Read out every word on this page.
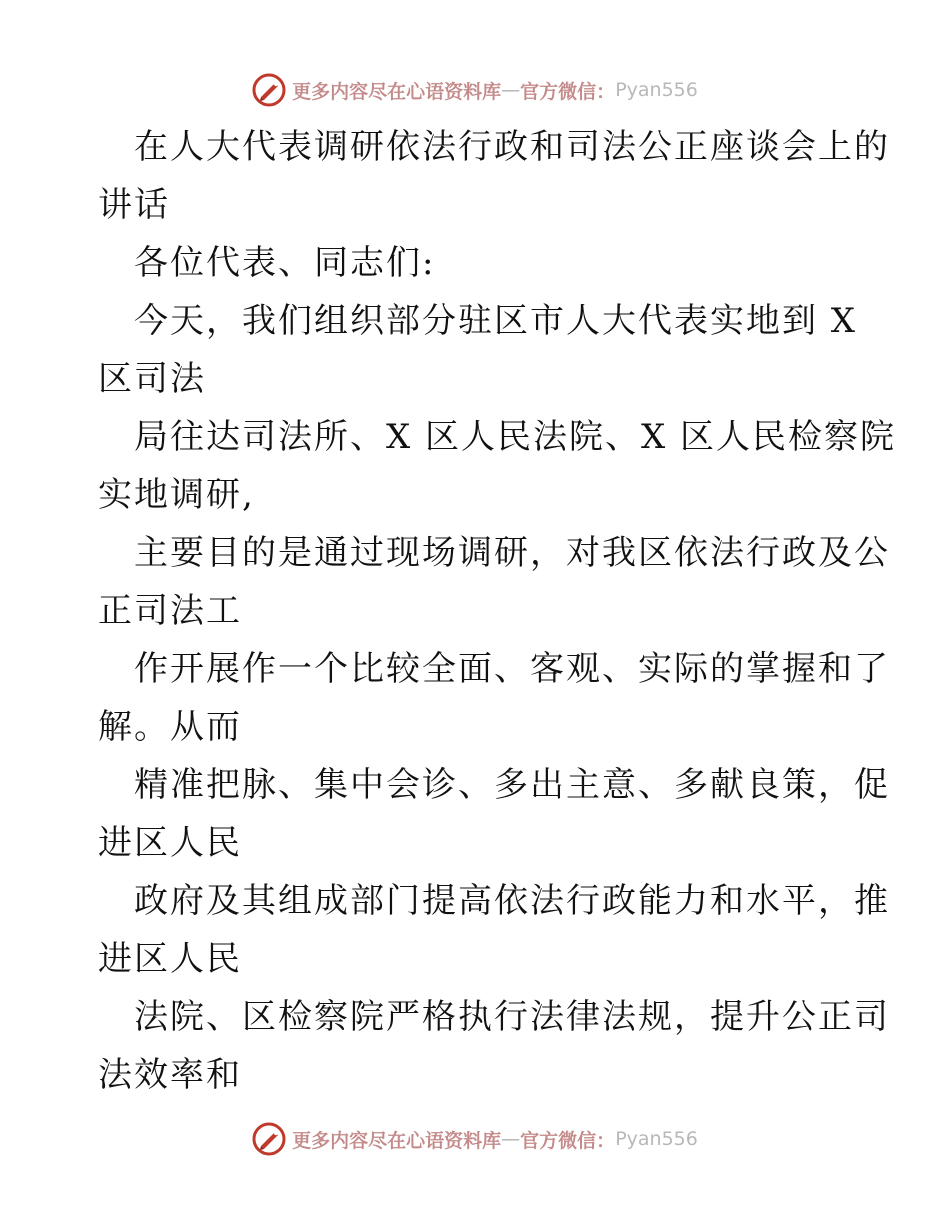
更多内容尽在心语资料库 — 官方微信： Pyan556
在人大代表调研依法行政和司法公正座谈会上的
讲话
各位代表、同志们:
今天，我们组织部分驻区市人大代表实地到 X
区司法
局往达司法所、X 区人民法院、X 区人民检察院
实地调研,
主要目的是通过现场调研，对我区依法行政及公
正司法工
作开展作一个比较全面、客观、实际的掌握和了
解。从而
精准把脉、集中会诊、多出主意、多献良策，促
进区人民
政府及其组成部门提高依法行政能力和水平，推
进区人民
法院、区检察院严格执行法律法规，提升公正司
法效率和
更多内容尽在心语资料库 — 官方微信： Pyan556
